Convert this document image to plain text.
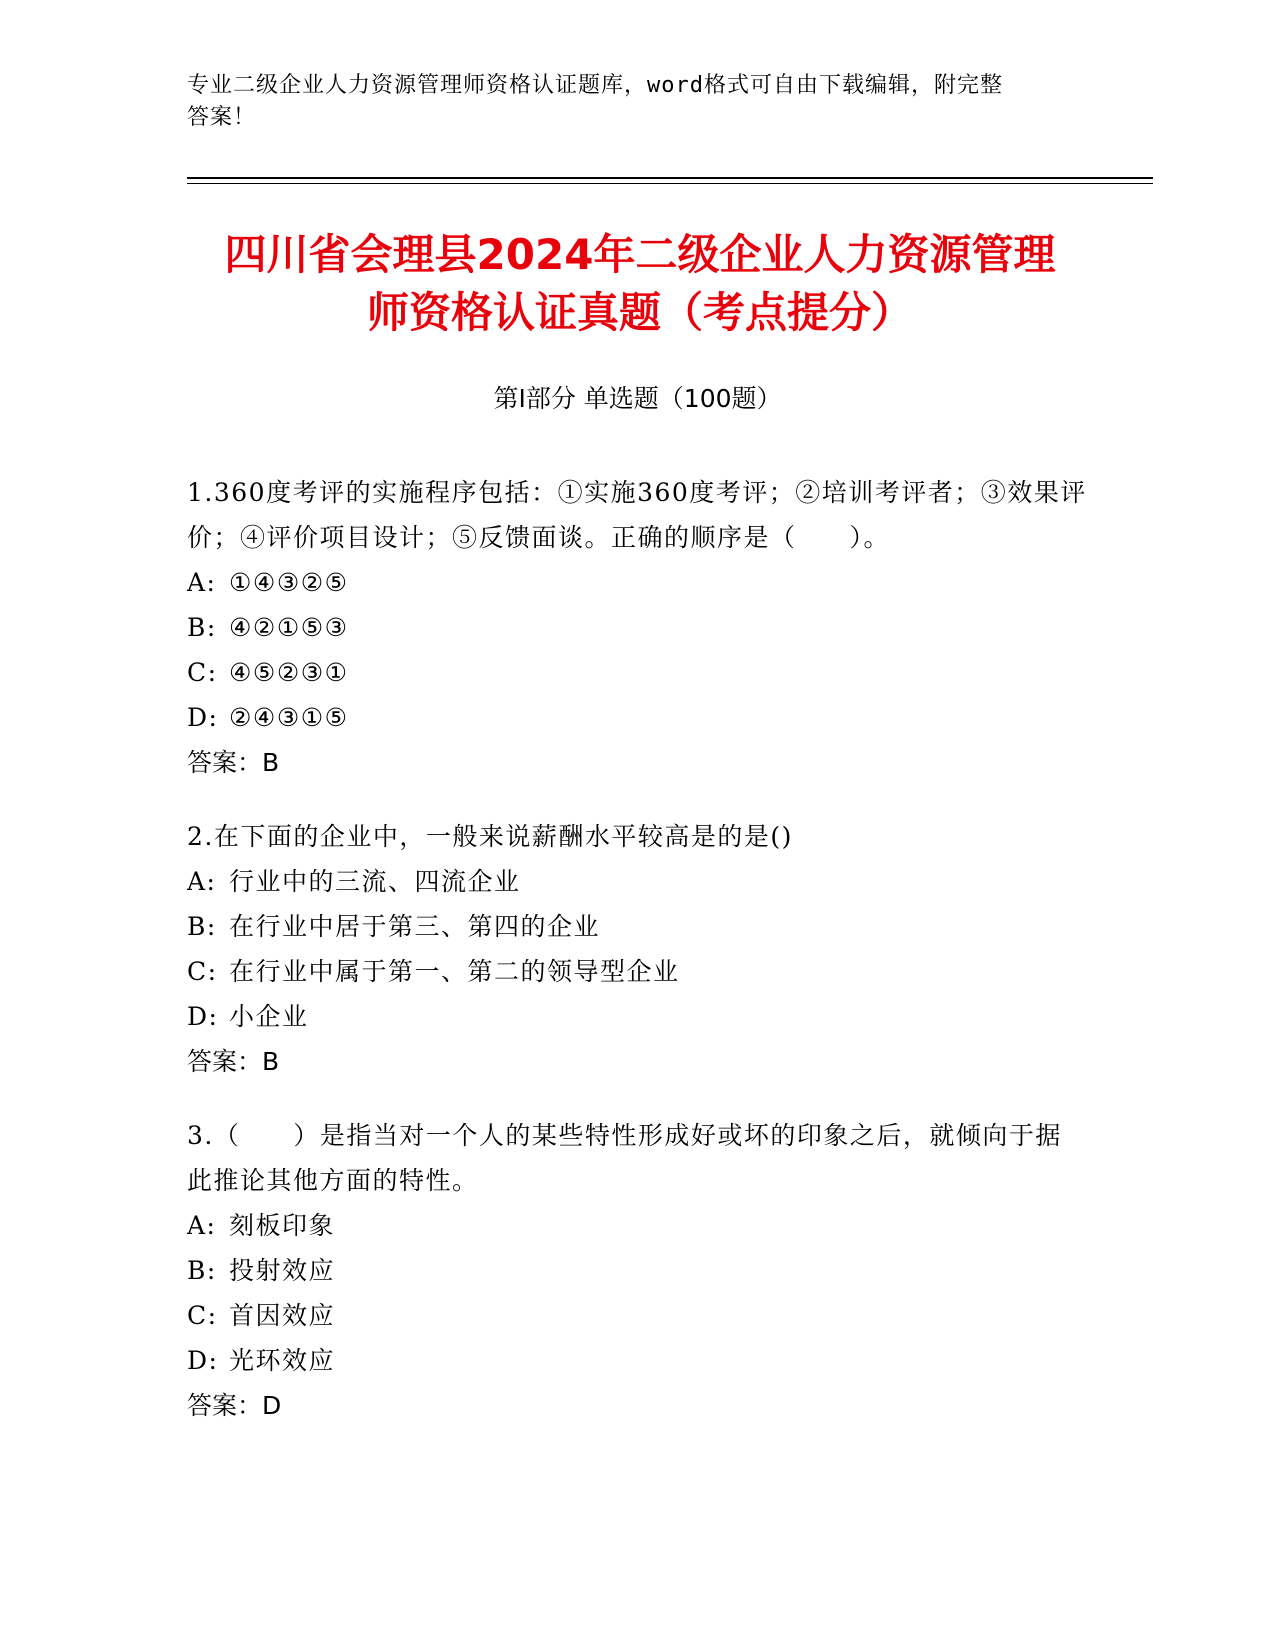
专业二级企业人力资源管理师资格认证题库，word格式可自由下载编辑，附完整
答案！
四川省会理县2024年二级企业人力资源管理
师资格认证真题（考点提分）
第I部分 单选题（100题）

1.360度考评的实施程序包括：①实施360度考评；②培训考评者；③效果评价；④评价项目设计；⑤反馈面谈。正确的顺序是（　　）。

A: ①④③②⑤

B: ④②①⑤③

C: ④⑤②③①

D: ②④③①⑤

答案：B

2.在下面的企业中，一般来说薪酬水平较高是的是()

A: 行业中的三流、四流企业

B: 在行业中居于第三、第四的企业

C: 在行业中属于第一、第二的领导型企业

D: 小企业

答案：B

3.（　　）是指当对一个人的某些特性形成好或坏的印象之后，就倾向于据此推论其他方面的特性。

A: 刻板印象

B: 投射效应

C: 首因效应

D: 光环效应

答案：D
